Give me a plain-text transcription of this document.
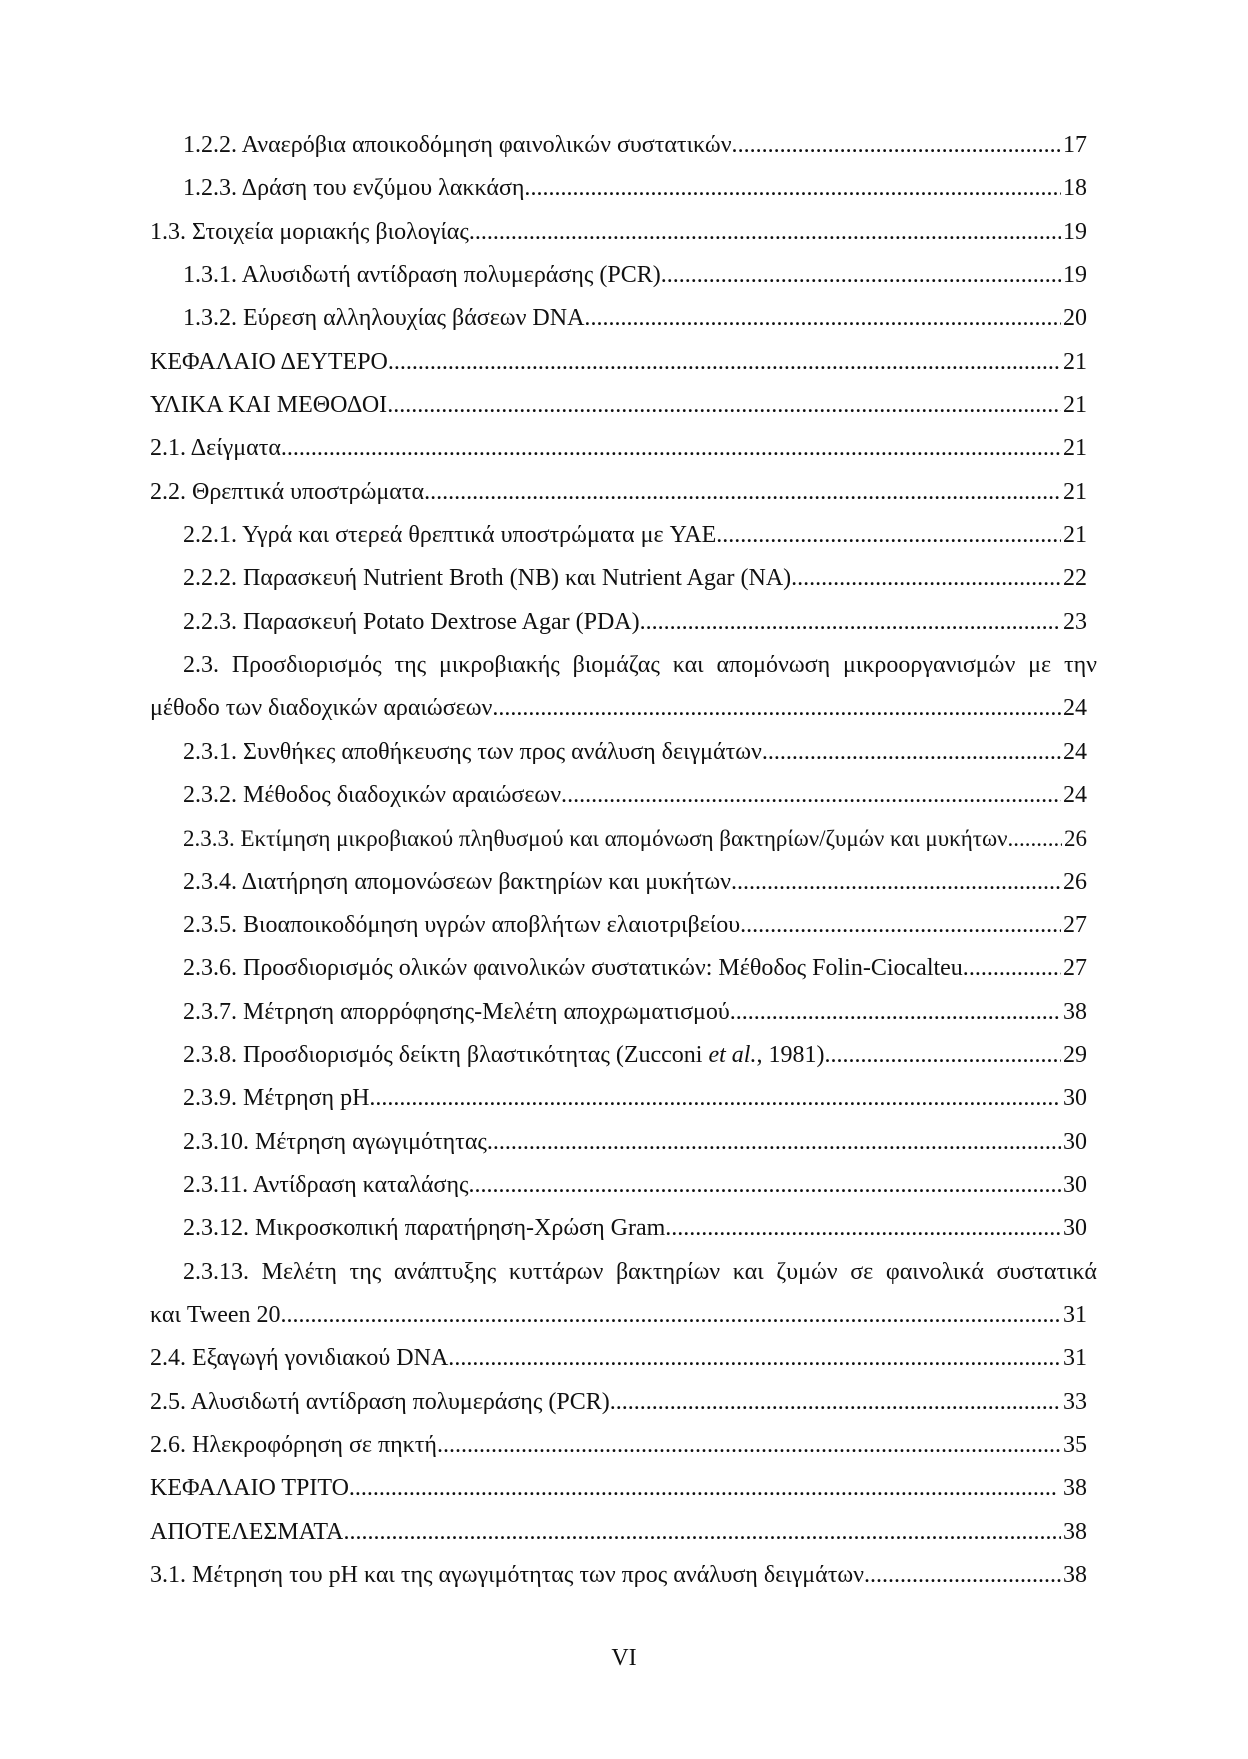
1.2.2. Αναερόβια αποικοδόμηση φαινολικών συστατικών. .....	17
1.2.3. Δράση του ενζύμου λακκάση. .....	18
1.3. Στοιχεία μοριακής βιολογίας. .....	19
1.3.1. Αλυσιδωτή αντίδραση πολυμεράσης (PCR). .....	19
1.3.2. Εύρεση αλληλουχίας βάσεων DNA. .....	20
ΚΕΦΑΛΑΙΟ ΔΕΥΤΕΡΟ .....	21
ΥΛΙΚΑ ΚΑΙ ΜΕΘΟΔΟΙ .....	21
2.1. Δείγματα. .....	21
2.2. Θρεπτικά υποστρώματα. .....	21
2.2.1. Υγρά και στερεά θρεπτικά υποστρώματα με YAE .....	21
2.2.2. Παρασκευή Nutrient Broth (NB) και Nutrient Agar (NA). .....	22
2.2.3. Παρασκευή Potato Dextrose Agar (PDA). .....	23
2.3. Προσδιορισμός της μικροβιακής βιομάζας και απομόνωση μικροοργανισμών με την
μέθοδο των διαδοχικών αραιώσεων. .....	24
2.3.1. Συνθήκες αποθήκευσης των προς ανάλυση δειγμάτων. .....	24
2.3.2. Μέθοδος διαδοχικών αραιώσεων. .....	24
2.3.3. Εκτίμηση μικροβιακού πληθυσμού και απομόνωση βακτηρίων/ζυμών και μυκήτων. ..... 26
2.3.4. Διατήρηση απομονώσεων βακτηρίων και μυκήτων. .....	26
2.3.5. Βιοαποικοδόμηση υγρών αποβλήτων ελαιοτριβείου .....	27
2.3.6. Προσδιορισμός ολικών φαινολικών συστατικών: Μέθοδος Folin-Ciocalteu. .....	27
2.3.7. Μέτρηση απορρόφησης-Μελέτη αποχρωματισμού. .....	38
2.3.8. Προσδιορισμός δείκτη βλαστικότητας (Zucconi et al., 1981). .....	29
2.3.9. Μέτρηση pH. .....	30
2.3.10. Μέτρηση αγωγιμότητας. .....	30
2.3.11. Αντίδραση καταλάσης. .....	30
2.3.12. Μικροσκοπική παρατήρηση-Χρώση Gram. .....	30
2.3.13. Μελέτη της ανάπτυξης κυττάρων βακτηρίων και ζυμών σε φαινολικά συστατικά
και Tween 20. .....	31
2.4. Εξαγωγή γονιδιακού DNA. .....	31
2.5. Αλυσιδωτή αντίδραση πολυμεράσης (PCR). .....	33
2.6. Ηλεκροφόρηση σε πηκτή. .....	35
ΚΕΦΑΛΑΙΟ ΤΡΙΤΟ .....	38
ΑΠΟΤΕΛΕΣΜΑΤΑ .....	38
3.1. Μέτρηση του pH και της αγωγιμότητας των προς ανάλυση δειγμάτων. .....	38
VI
